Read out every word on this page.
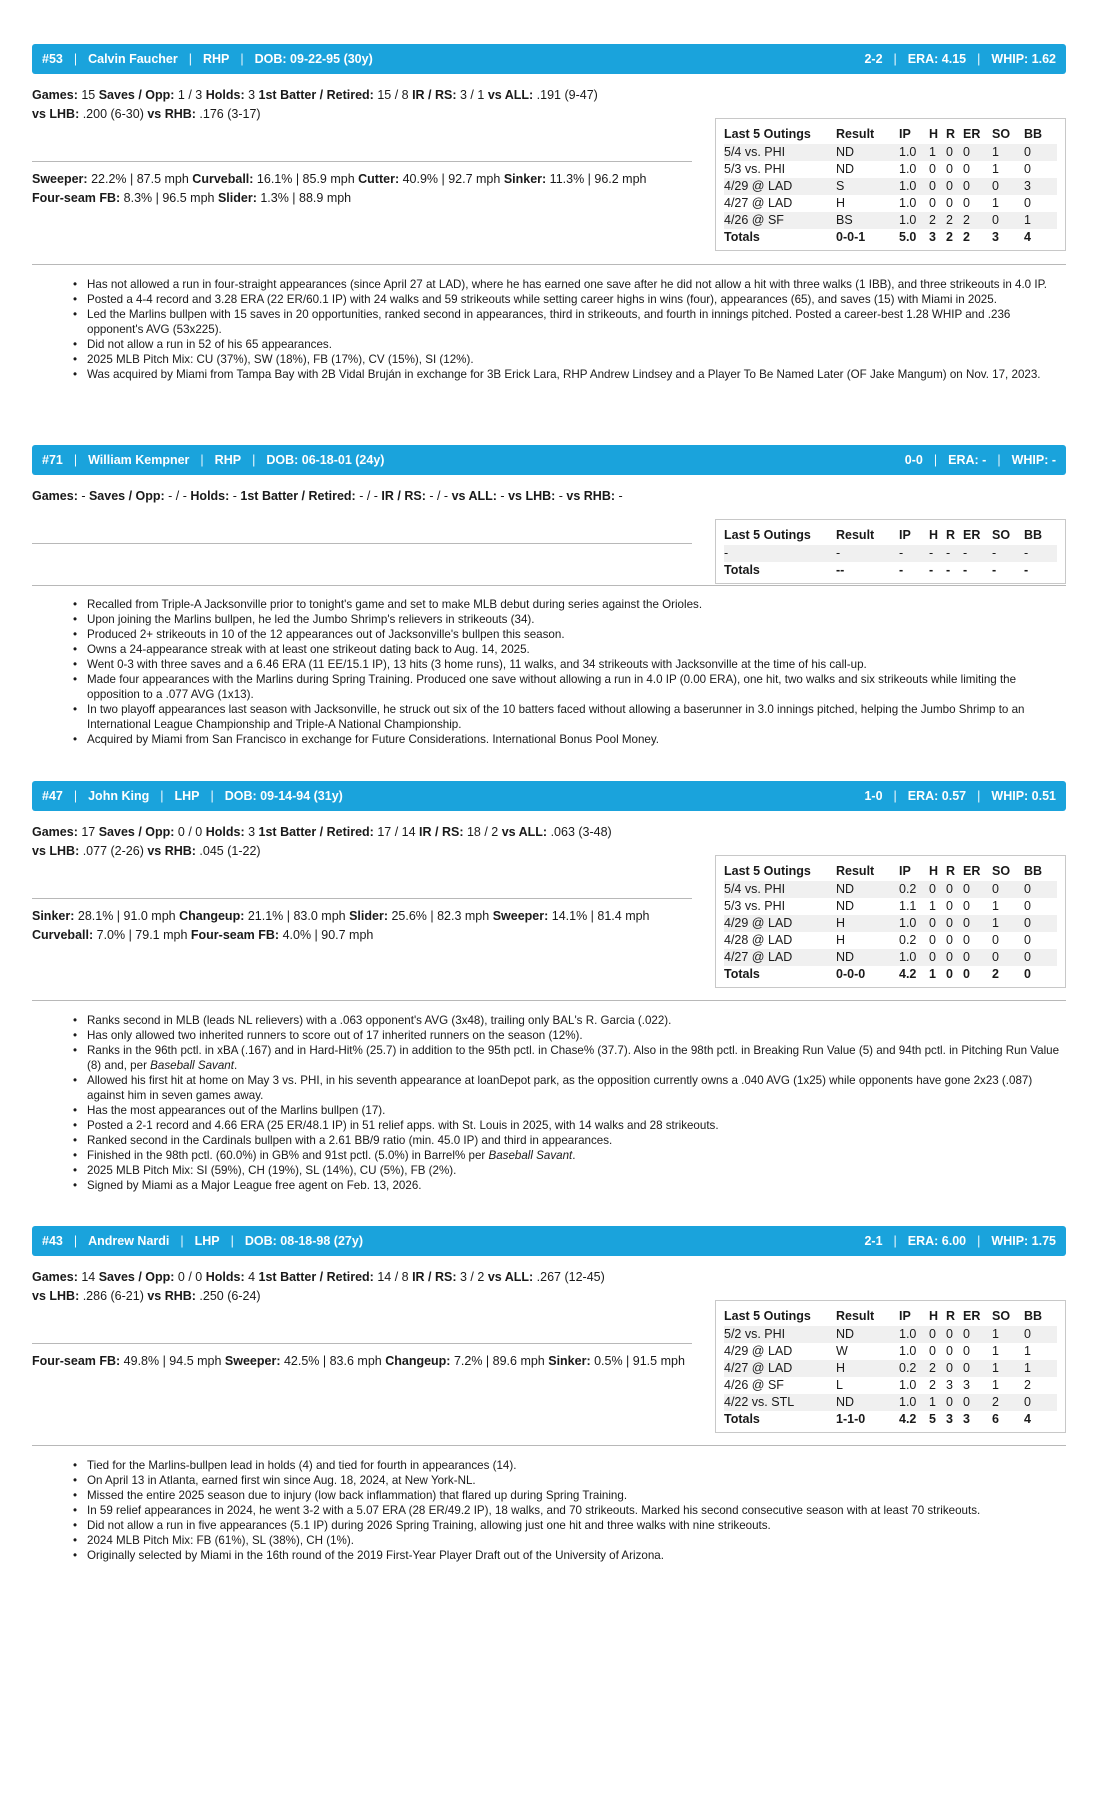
#53 | Calvin Faucher | RHP | DOB: 09-22-95 (30y)	2-2 | ERA: 4.15 | WHIP: 1.62
Games: 15 Saves / Opp: 1 / 3 Holds: 3 1st Batter / Retired: 15 / 8 IR / RS: 3 / 1 vs ALL: .191 (9-47)
vs LHB: .200 (6-30) vs RHB: .176 (3-17)
Sweeper: 22.2% | 87.5 mph Curveball: 16.1% | 85.9 mph Cutter: 40.9% | 92.7 mph Sinker: 11.3% | 96.2 mph
Four-seam FB: 8.3% | 96.5 mph Slider: 1.3% | 88.9 mph
Last 5 Outings	Result	IP	H	R	ER	SO	BB
5/4 vs. PHI	ND	1.0	1	0	0	1	0
5/3 vs. PHI	ND	1.0	0	0	0	1	0
4/29 @ LAD	S	1.0	0	0	0	0	3
4/27 @ LAD	H	1.0	0	0	0	1	0
4/26 @ SF	BS	1.0	2	2	2	0	1
Totals	0-0-1	5.0	3	2	2	3	4
• Has not allowed a run in four-straight appearances (since April 27 at LAD), where he has earned one save after he did not allow a hit with three walks (1 IBB), and three strikeouts in 4.0 IP.
• Posted a 4-4 record and 3.28 ERA (22 ER/60.1 IP) with 24 walks and 59 strikeouts while setting career highs in wins (four), appearances (65), and saves (15) with Miami in 2025.
• Led the Marlins bullpen with 15 saves in 20 opportunities, ranked second in appearances, third in strikeouts, and fourth in innings pitched. Posted a career-best 1.28 WHIP and .236 opponent's AVG (53x225).
• Did not allow a run in 52 of his 65 appearances.
• 2025 MLB Pitch Mix: CU (37%), SW (18%), FB (17%), CV (15%), SI (12%).
• Was acquired by Miami from Tampa Bay with 2B Vidal Bruján in exchange for 3B Erick Lara, RHP Andrew Lindsey and a Player To Be Named Later (OF Jake Mangum) on Nov. 17, 2023.
#71 | William Kempner | RHP | DOB: 06-18-01 (24y)	0-0 | ERA: - | WHIP: -
Games: - Saves / Opp: - / - Holds: - 1st Batter / Retired: - / - IR / RS: - / - vs ALL: - vs LHB: - vs RHB: -
Last 5 Outings	Result	IP	H	R	ER	SO	BB
-	-	-	-	-	-	-	-
Totals	--	-	-	-	-	-	-
• Recalled from Triple-A Jacksonville prior to tonight's game and set to make MLB debut during series against the Orioles.
• Upon joining the Marlins bullpen, he led the Jumbo Shrimp's relievers in strikeouts (34).
• Produced 2+ strikeouts in 10 of the 12 appearances out of Jacksonville's bullpen this season.
• Owns a 24-appearance streak with at least one strikeout dating back to Aug. 14, 2025.
• Went 0-3 with three saves and a 6.46 ERA (11 EE/15.1 IP), 13 hits (3 home runs), 11 walks, and 34 strikeouts with Jacksonville at the time of his call-up.
• Made four appearances with the Marlins during Spring Training. Produced one save without allowing a run in 4.0 IP (0.00 ERA), one hit, two walks and six strikeouts while limiting the opposition to a .077 AVG (1x13).
• In two playoff appearances last season with Jacksonville, he struck out six of the 10 batters faced without allowing a baserunner in 3.0 innings pitched, helping the Jumbo Shrimp to an International League Championship and Triple-A National Championship.
• Acquired by Miami from San Francisco in exchange for Future Considerations. International Bonus Pool Money.
#47 | John King | LHP | DOB: 09-14-94 (31y)	1-0 | ERA: 0.57 | WHIP: 0.51
Games: 17 Saves / Opp: 0 / 0 Holds: 3 1st Batter / Retired: 17 / 14 IR / RS: 18 / 2 vs ALL: .063 (3-48)
vs LHB: .077 (2-26) vs RHB: .045 (1-22)
Sinker: 28.1% | 91.0 mph Changeup: 21.1% | 83.0 mph Slider: 25.6% | 82.3 mph Sweeper: 14.1% | 81.4 mph
Curveball: 7.0% | 79.1 mph Four-seam FB: 4.0% | 90.7 mph
Last 5 Outings	Result	IP	H	R	ER	SO	BB
5/4 vs. PHI	ND	0.2	0	0	0	0	0
5/3 vs. PHI	ND	1.1	1	0	0	1	0
4/29 @ LAD	H	1.0	0	0	0	1	0
4/28 @ LAD	H	0.2	0	0	0	0	0
4/27 @ LAD	ND	1.0	0	0	0	0	0
Totals	0-0-0	4.2	1	0	0	2	0
• Ranks second in MLB (leads NL relievers) with a .063 opponent's AVG (3x48), trailing only BAL's R. Garcia (.022).
• Has only allowed two inherited runners to score out of 17 inherited runners on the season (12%).
• Ranks in the 96th pctl. in xBA (.167) and in Hard-Hit% (25.7) in addition to the 95th pctl. in Chase% (37.7). Also in the 98th pctl. in Breaking Run Value (5) and 94th pctl. in Pitching Run Value (8) and, per Baseball Savant.
• Allowed his first hit at home on May 3 vs. PHI, in his seventh appearance at loanDepot park, as the opposition currently owns a .040 AVG (1x25) while opponents have gone 2x23 (.087) against him in seven games away.
• Has the most appearances out of the Marlins bullpen (17).
• Posted a 2-1 record and 4.66 ERA (25 ER/48.1 IP) in 51 relief apps. with St. Louis in 2025, with 14 walks and 28 strikeouts.
• Ranked second in the Cardinals bullpen with a 2.61 BB/9 ratio (min. 45.0 IP) and third in appearances.
• Finished in the 98th pctl. (60.0%) in GB% and 91st pctl. (5.0%) in Barrel% per Baseball Savant.
• 2025 MLB Pitch Mix: SI (59%), CH (19%), SL (14%), CU (5%), FB (2%).
• Signed by Miami as a Major League free agent on Feb. 13, 2026.
#43 | Andrew Nardi | LHP | DOB: 08-18-98 (27y)	2-1 | ERA: 6.00 | WHIP: 1.75
Games: 14 Saves / Opp: 0 / 0 Holds: 4 1st Batter / Retired: 14 / 8 IR / RS: 3 / 2 vs ALL: .267 (12-45)
vs LHB: .286 (6-21) vs RHB: .250 (6-24)
Four-seam FB: 49.8% | 94.5 mph Sweeper: 42.5% | 83.6 mph Changeup: 7.2% | 89.6 mph Sinker: 0.5% | 91.5 mph
Last 5 Outings	Result	IP	H	R	ER	SO	BB
5/2 vs. PHI	ND	1.0	0	0	0	1	0
4/29 @ LAD	W	1.0	0	0	0	1	1
4/27 @ LAD	H	0.2	2	0	0	1	1
4/26 @ SF	L	1.0	2	3	3	1	2
4/22 vs. STL	ND	1.0	1	0	0	2	0
Totals	1-1-0	4.2	5	3	3	6	4
• Tied for the Marlins-bullpen lead in holds (4) and tied for fourth in appearances (14).
• On April 13 in Atlanta, earned first win since Aug. 18, 2024, at New York-NL.
• Missed the entire 2025 season due to injury (low back inflammation) that flared up during Spring Training.
• In 59 relief appearances in 2024, he went 3-2 with a 5.07 ERA (28 ER/49.2 IP), 18 walks, and 70 strikeouts. Marked his second consecutive season with at least 70 strikeouts.
• Did not allow a run in five appearances (5.1 IP) during 2026 Spring Training, allowing just one hit and three walks with nine strikeouts.
• 2024 MLB Pitch Mix: FB (61%), SL (38%), CH (1%).
• Originally selected by Miami in the 16th round of the 2019 First-Year Player Draft out of the University of Arizona.
